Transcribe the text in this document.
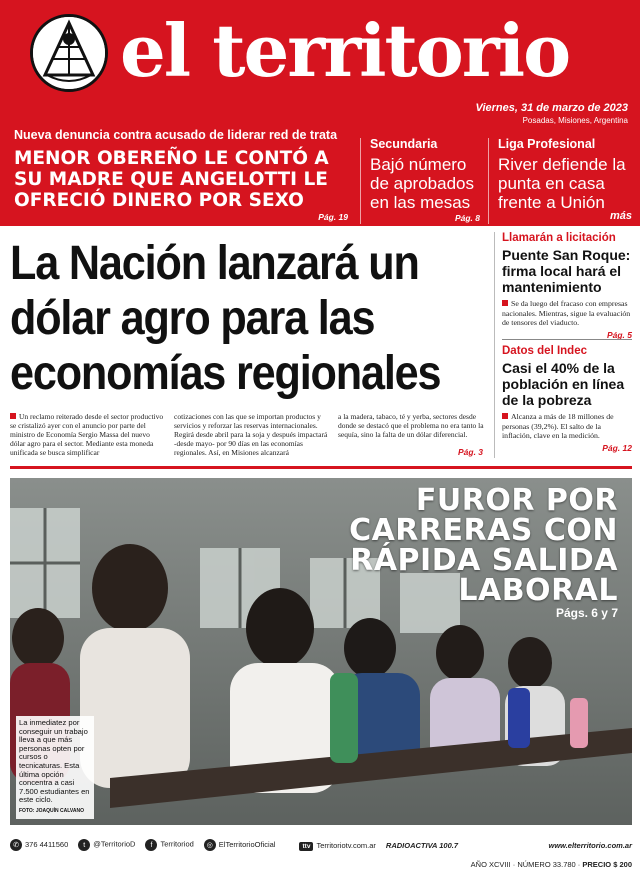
el territorio
Viernes, 31 de marzo de 2023
Posadas, Misiones, Argentina
Nueva denuncia contra acusado de liderar red de trata
MENOR OBEREÑO LE CONTÓ A SU MADRE QUE ANGELOTTI LE OFRECIÓ DINERO POR SEXO
Pág. 19
Secundaria
Bajó número de aprobados en las mesas
Pág. 8
Liga Profesional
River defiende la punta en casa frente a Unión
más
La Nación lanzará un dólar agro para las economías regionales
Un reclamo reiterado desde el sector productivo se cristalizó ayer con el anuncio por parte del ministro de Economía Sergio Massa del nuevo dólar agro para el sector. Mediante esta moneda unificada se busca simplificar
cotizaciones con las que se importan productos y servicios y reforzar las reservas internacionales. Regirá desde abril para la soja y después impactará -desde mayo- por 90 días en las economías regionales. Así, en Misiones alcanzará
a la madera, tabaco, té y yerba, sectores desde donde se destacó que el problema no era tanto la sequía, sino la falta de un dólar diferencial.
Pág. 3
Llamarán a licitación
Puente San Roque: firma local hará el mantenimiento
Se da luego del fracaso con empresas nacionales. Mientras, sigue la evaluación de tensores del viaducto.
Pág. 5
Datos del Indec
Casi el 40% de la población en línea de la pobreza
Alcanza a más de 18 millones de personas (39,2%). El salto de la inflación, clave en la medición.
Pág. 12
FUROR POR CARRERAS CON RÁPIDA SALIDA LABORAL
Págs. 6 y 7
La inmediatez por conseguir un trabajo lleva a que más personas opten por cursos o tecnicaturas. Esta última opción concentra a casi 7.500 estudiantes en este ciclo.
FOTO: JOAQUÍN CALVANO
✆ 376 4411560	t @TerritorioD	f Territoriod	◎ ElTerritorioOficial	ttv Territoriotv.com.ar RADIOACTIVA 100.7	www.elterritorio.com.ar
AÑO XCVIII · NÚMERO 33.780 · PRECIO $ 200
